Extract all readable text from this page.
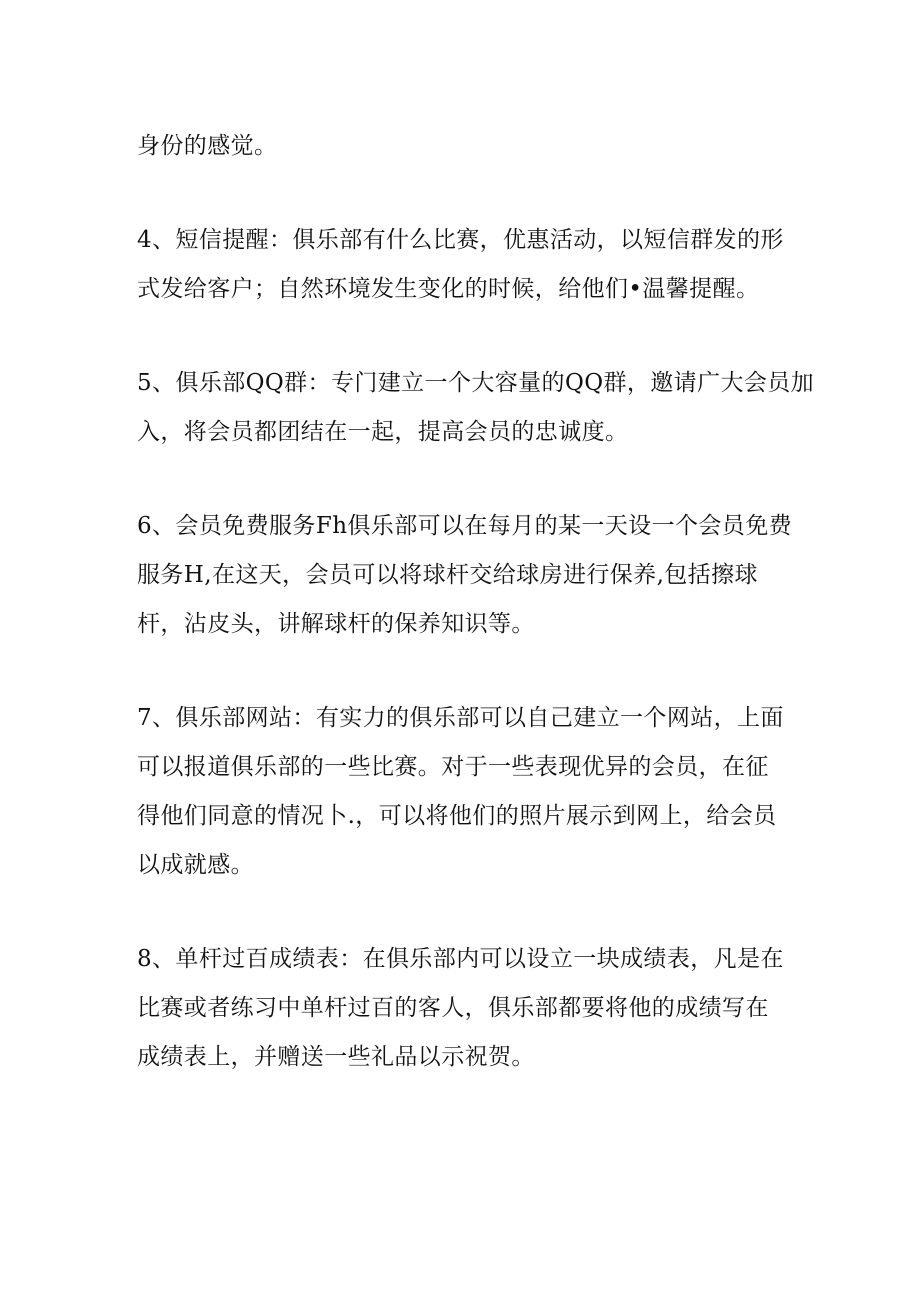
身份的感觉。

4、短信提醒：俱乐部有什么比赛，优惠活动，以短信群发的形

式发给客户；自然环境发生变化的时候，给他们•温馨提醒。

5、俱乐部QQ群：专门建立一个大容量的QQ群，邀请广大会员加

入，将会员都团结在一起，提高会员的忠诚度。

6、会员免费服务Fh俱乐部可以在每月的某一天设一个会员免费

服务H,在这天，会员可以将球杆交给球房进行保养,包括擦球

杆，沾皮头，讲解球杆的保养知识等。

7、俱乐部网站：有实力的俱乐部可以自己建立一个网站，上面

可以报道俱乐部的一些比赛。对于一些表现优异的会员，在征

得他们同意的情况卜.，可以将他们的照片展示到网上，给会员

以成就感。

8、单杆过百成绩表：在俱乐部内可以设立一块成绩表，凡是在

比赛或者练习中单杆过百的客人，俱乐部都要将他的成绩写在

成绩表上，并赠送一些礼品以示祝贺。
